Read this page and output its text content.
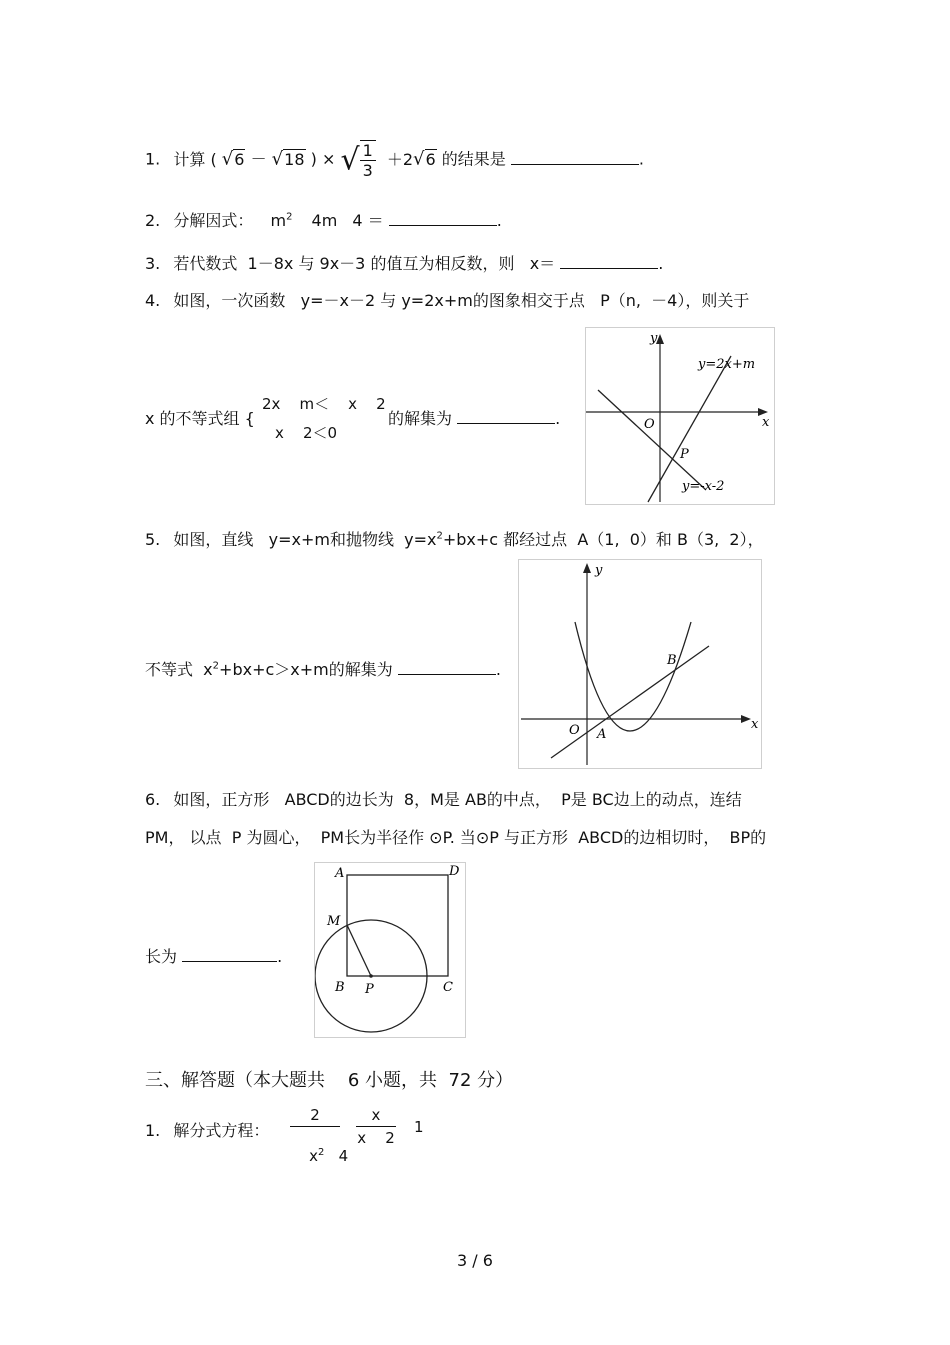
1. 计算 ( √6 － √18 ) × √ $\frac{1}{3} +2√6$ 的结果是	.
2. 分解因式： $m^2$ 4m 4 ＝	.
3. 若代数式  1－8x 与 9x－3 的值互为相反数，则   x＝	.
4. 如图，一次函数   y=－x－2 与 y=2x+m的图象相交于点   P（n,  －4），则关于
x 的不等式组 {
2x    m＜    x    2
x    2＜0
的解集为	.
y
x
O
P
y=2x+m
y=-x-2
5. 如图，直线   y=x+m和抛物线  $y=x^2+bx+c$ 都经过点  A（1,  0）和 B（3,  2），
不等式  $x^2+bx+c>x+m$的解集为	.
y
x
O A
B
6. 如图，正方形   ABCD的边长为  8，M是 AB的中点，  P是 BC边上的动点，连结
PM， 以点  P 为圆心，  PM长为半径作 ⊙P. 当⊙P 与正方形  ABCD的边相切时，  BP的
长为	.
A	D
M
B P	C
三、解答题（本大题共    6 小题，共  72 分）
1. 解分式方程： $\frac{2}{x^2 4}$
$\frac{x}{x 2} 1$
3 / 6
